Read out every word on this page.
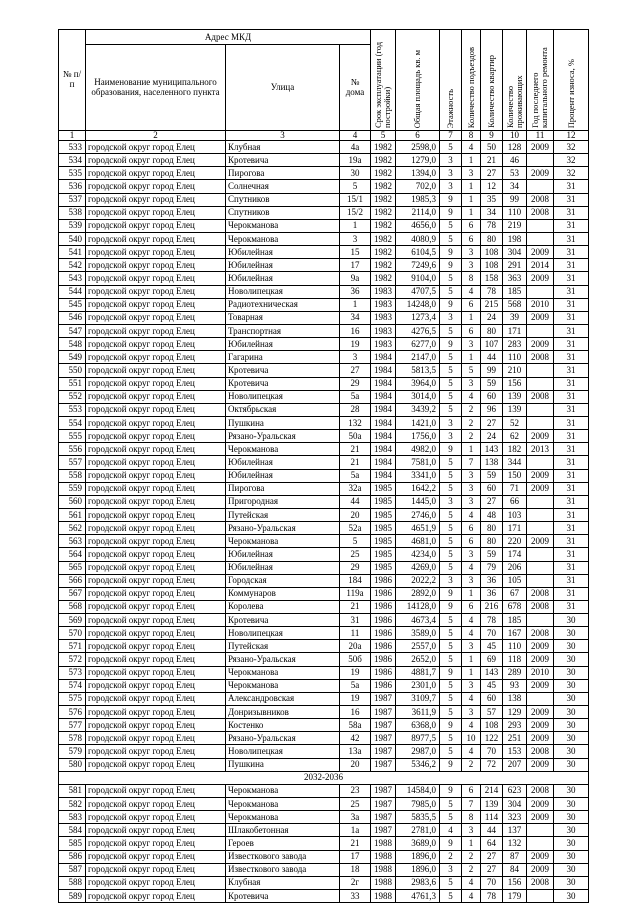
№ п/п	Адрес МКД			Срок эксплуатации (год постройки)	Общая площадь кв. м	Этажность	Количество подъездов	Количество квартир	Количество проживающих	Год последнего капитального ремонта	Процент износа, %

	Наименование муниципального образования, населенного пункта	Улица	№ дома								
1	2	3	4	5	6	7	8	9	10	11	12
533	городской округ город Елец	Клубная	4а	1982	2598,0	5	4	50	128	2009	32
534	городской округ город Елец	Кротевича	19а	1982	1279,0	3	1	21	46		32
535	городской округ город Елец	Пирогова	30	1982	1394,0	3	3	27	53	2009	32
536	городской округ город Елец	Солнечная	5	1982	702,0	3	1	12	34		31
537	городской округ город Елец	Спутников	15/1	1982	1985,3	9	1	35	99	2008	31
538	городской округ город Елец	Спутников	15/2	1982	2114,0	9	1	34	110	2008	31
539	городской округ город Елец	Черокманова	1	1982	4656,0	5	6	78	219		31
540	городской округ город Елец	Черокманова	3	1982	4080,9	5	6	80	198		31
541	городской округ город Елец	Юбилейная	15	1982	6104,5	9	3	108	304	2009	31
542	городской округ город Елец	Юбилейная	17	1982	7249,6	9	3	108	291	2014	31
543	городской округ город Елец	Юбилейная	9а	1982	9104,0	5	8	158	363	2009	31
544	городской округ город Елец	Новолипецкая	36	1983	4707,5	5	4	78	185		31
545	городской округ город Елец	Радиотехническая	1	1983	14248,0	9	6	215	568	2010	31
546	городской округ город Елец	Товарная	34	1983	1273,4	3	1	24	39	2009	31
547	городской округ город Елец	Транспортная	16	1983	4276,5	5	6	80	171		31
548	городской округ город Елец	Юбилейная	19	1983	6277,0	9	3	107	283	2009	31
549	городской округ город Елец	Гагарина	3	1984	2147,0	5	1	44	110	2008	31
550	городской округ город Елец	Кротевича	27	1984	5813,5	5	5	99	210		31
551	городской округ город Елец	Кротевича	29	1984	3964,0	5	3	59	156		31
552	городской округ город Елец	Новолипецкая	5а	1984	3014,0	5	4	60	139	2008	31
553	городской округ город Елец	Октябрьская	28	1984	3439,2	5	2	96	139		31
554	городской округ город Елец	Пушкина	132	1984	1421,0	3	2	27	52		31
555	городской округ город Елец	Рязано-Уральская	50а	1984	1756,0	3	2	24	62	2009	31
556	городской округ город Елец	Черокманова	21	1984	4982,0	9	1	143	182	2013	31
557	городской округ город Елец	Юбилейная	21	1984	7581,0	5	7	138	344		31
558	городской округ город Елец	Юбилейная	5а	1984	3341,0	5	3	59	150	2009	31
559	городской округ город Елец	Пирогова	32а	1985	1642,2	5	3	60	71	2009	31
560	городской округ город Елец	Пригородная	44	1985	1445,0	3	3	27	66		31
561	городской округ город Елец	Путейская	20	1985	2746,0	5	4	48	103		31
562	городской округ город Елец	Рязано-Уральская	52а	1985	4651,9	5	6	80	171		31
563	городской округ город Елец	Черокманова	5	1985	4681,0	5	6	80	220	2009	31
564	городской округ город Елец	Юбилейная	25	1985	4234,0	5	3	59	174		31
565	городской округ город Елец	Юбилейная	29	1985	4269,0	5	4	79	206		31
566	городской округ город Елец	Городская	184	1986	2022,2	3	3	36	105		31
567	городской округ город Елец	Коммунаров	119а	1986	2892,0	9	1	36	67	2008	31
568	городской округ город Елец	Королева	21	1986	14128,0	9	6	216	678	2008	31
569	городской округ город Елец	Кротевича	31	1986	4673,4	5	4	78	185		30
570	городской округ город Елец	Новолипецкая	11	1986	3589,0	5	4	70	167	2008	30
571	городской округ город Елец	Путейская	20а	1986	2557,0	5	3	45	110	2009	30
572	городской округ город Елец	Рязано-Уральская	50б	1986	2652,0	5	1	69	118	2009	30
573	городской округ город Елец	Черокманова	19	1986	4881,7	9	1	143	289	2010	30
574	городской округ город Елец	Черокманова	5а	1986	2301,0	5	3	45	93	2009	30
575	городской округ город Елец	Александровская	19	1987	3109,7	5	4	60	138		30
576	городской округ город Елец	Донризывников	16	1987	3611,9	5	3	57	129	2009	30
577	городской округ город Елец	Костенко	58а	1987	6368,0	9	4	108	293	2009	30
578	городской округ город Елец	Рязано-Уральская	42	1987	8977,5	5	10	122	251	2009	30
579	городской округ город Елец	Новолипецкая	13а	1987	2987,0	5	4	70	153	2008	30
580	городской округ город Елец	Пушкина	20	1987	5346,2	9	2	72	207	2009	30
2032-2036											
581	городской округ город Елец	Черокманова	23	1987	14584,0	9	6	214	623	2008	30
582	городской округ город Елец	Черокманова	25	1987	7985,0	5	7	139	304	2009	30
583	городской округ город Елец	Черокманова	3а	1987	5835,5	5	8	114	323	2009	30
584	городской округ город Елец	Шлакобетонная	1а	1987	2781,0	4	3	44	137		30
585	городской округ город Елец	Героев	21	1988	3689,0	9	1	64	132		30
586	городской округ город Елец	Известкового завода	17	1988	1896,0	2	2	27	87	2009	30
587	городской округ город Елец	Известкового завода	18	1988	1896,0	3	2	27	84	2009	30
588	городской округ город Елец	Клубная	2г	1988	2983,6	5	4	70	156	2008	30
589	городской округ город Елец	Кротевича	33	1988	4761,3	5	4	78	179		30
